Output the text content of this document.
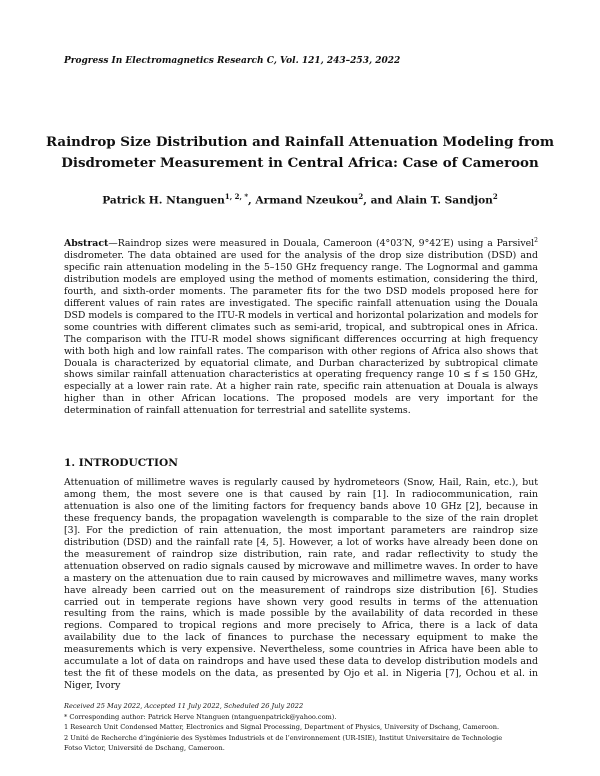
Progress In Electromagnetics Research C, Vol. 121, 243–253, 2022
Raindrop Size Distribution and Rainfall Attenuation Modeling from
Disdrometer Measurement in Central Africa: Case of Cameroon
Patrick H. Ntanguen$^{1, 2, *}$, Armand Nzeukou$^2$, and Alain T. Sandjon$^2$
Abstract—Raindrop sizes were measured in Douala, Cameroon (4°03′N, 9°42′E) using a Parsivel$^2$ disdrometer. The data obtained are used for the analysis of the drop size distribution (DSD) and specific rain attenuation modeling in the 5–150 GHz frequency range. The Lognormal and gamma distribution models are employed using the method of moments estimation, considering the third, fourth, and sixth-order moments. The parameter fits for the two DSD models proposed here for different values of rain rates are investigated. The specific rainfall attenuation using the Douala DSD models is compared to the ITU-R models in vertical and horizontal polarization and models for some countries with different climates such as semi-arid, tropical, and subtropical ones in Africa. The comparison with the ITU-R model shows significant differences occurring at high frequency with both high and low rainfall rates. The comparison with other regions of Africa also shows that Douala is characterized by equatorial climate, and Durban characterized by subtropical climate shows similar rainfall attenuation characteristics at operating frequency range 10 ≤ f ≤ 150 GHz, especially at a lower rain rate. At a higher rain rate, specific rain attenuation at Douala is always higher than in other African locations. The proposed models are very important for the determination of rainfall attenuation for terrestrial and satellite systems.
1. INTRODUCTION
Attenuation of millimetre waves is regularly caused by hydrometeors (Snow, Hail, Rain, etc.), but among them, the most severe one is that caused by rain [1]. In radiocommunication, rain attenuation is also one of the limiting factors for frequency bands above 10 GHz [2], because in these frequency bands, the propagation wavelength is comparable to the size of the rain droplet [3]. For the prediction of rain attenuation, the most important parameters are raindrop size distribution (DSD) and the rainfall rate [4, 5]. However, a lot of works have already been done on the measurement of raindrop size distribution, rain rate, and radar reflectivity to study the attenuation observed on radio signals caused by microwave and millimetre waves. In order to have a mastery on the attenuation due to rain caused by microwaves and millimetre waves, many works have already been carried out on the measurement of raindrops size distribution [6]. Studies carried out in temperate regions have shown very good results in terms of the attenuation resulting from the rains, which is made possible by the availability of data recorded in these regions. Compared to tropical regions and more precisely to Africa, there is a lack of data availability due to the lack of finances to purchase the necessary equipment to make the measurements which is very expensive. Nevertheless, some countries in Africa have been able to accumulate a lot of data on raindrops and have used these data to develop distribution models and test the fit of these models on the data, as presented by Ojo et al. in Nigeria [7], Ochou et al. in Niger, Ivory
Received 25 May 2022, Accepted 11 July 2022, Scheduled 26 July 2022
* Corresponding author: Patrick Herve Ntanguen (ntanguenpatrick@yahoo.com).
1 Research Unit Condensed Matter, Electronics and Signal Processing, Department of Physics, University of Dschang, Cameroon.
2 Unité de Recherche d’ingénierie des Systèmes Industriels et de l’environnement (UR-ISIE), Institut Universitaire de Technologie
Fotso Victor, Université de Dschang, Cameroon.
